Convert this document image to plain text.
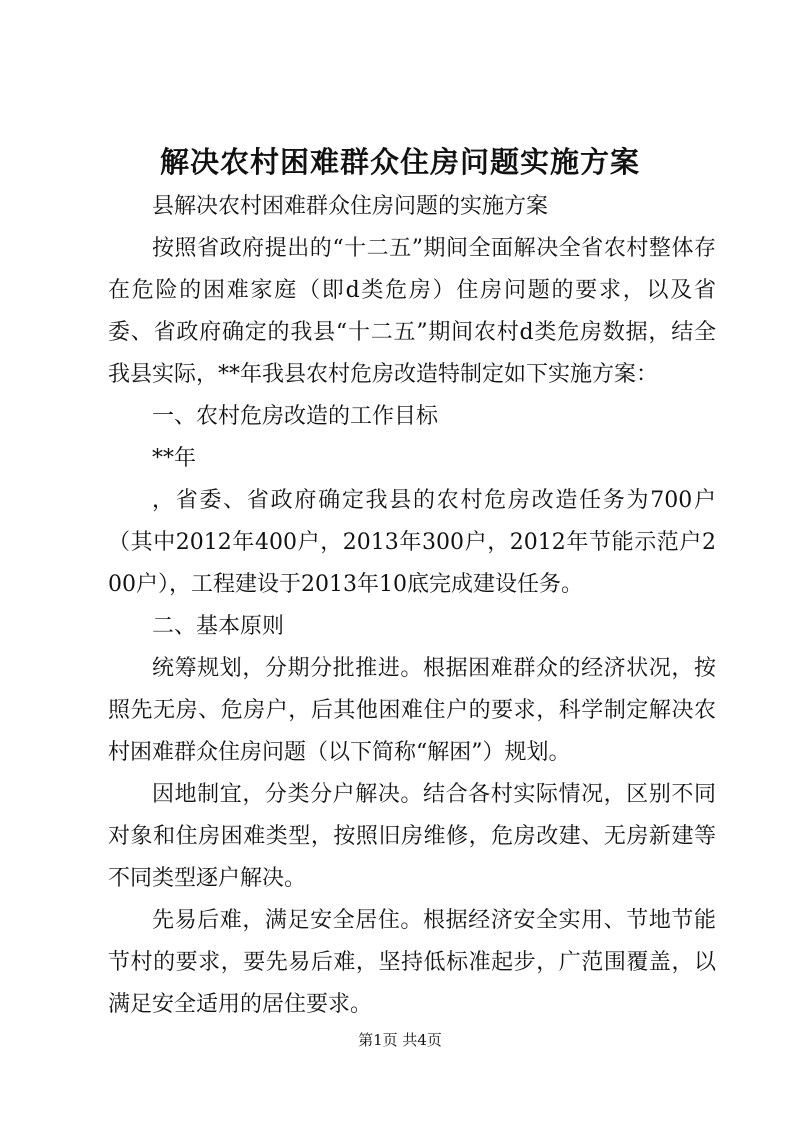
解决农村困难群众住房问题实施方案

县解决农村困难群众住房问题的实施方案

按照省政府提出的“十二五”期间全面解决全省农村整体存在危险的困难家庭（即d类危房）住房问题的要求，以及省委、省政府确定的我县“十二五”期间农村d类危房数据，结全我县实际，**年我县农村危房改造特制定如下实施方案：

一、农村危房改造的工作目标

**年

，省委、省政府确定我县的农村危房改造任务为700户（其中2012年400户，2013年300户，2012年节能示范户200户），工程建设于2013年10底完成建设任务。

二、基本原则

统筹规划，分期分批推进。根据困难群众的经济状况，按照先无房、危房户，后其他困难住户的要求，科学制定解决农村困难群众住房问题（以下简称“解困”）规划。

因地制宜，分类分户解决。结合各村实际情况，区别不同对象和住房困难类型，按照旧房维修，危房改建、无房新建等不同类型逐户解决。

先易后难，满足安全居住。根据经济安全实用、节地节能节村的要求，要先易后难，坚持低标准起步，广范围覆盖，以满足安全适用的居住要求。

第1页 共4页
